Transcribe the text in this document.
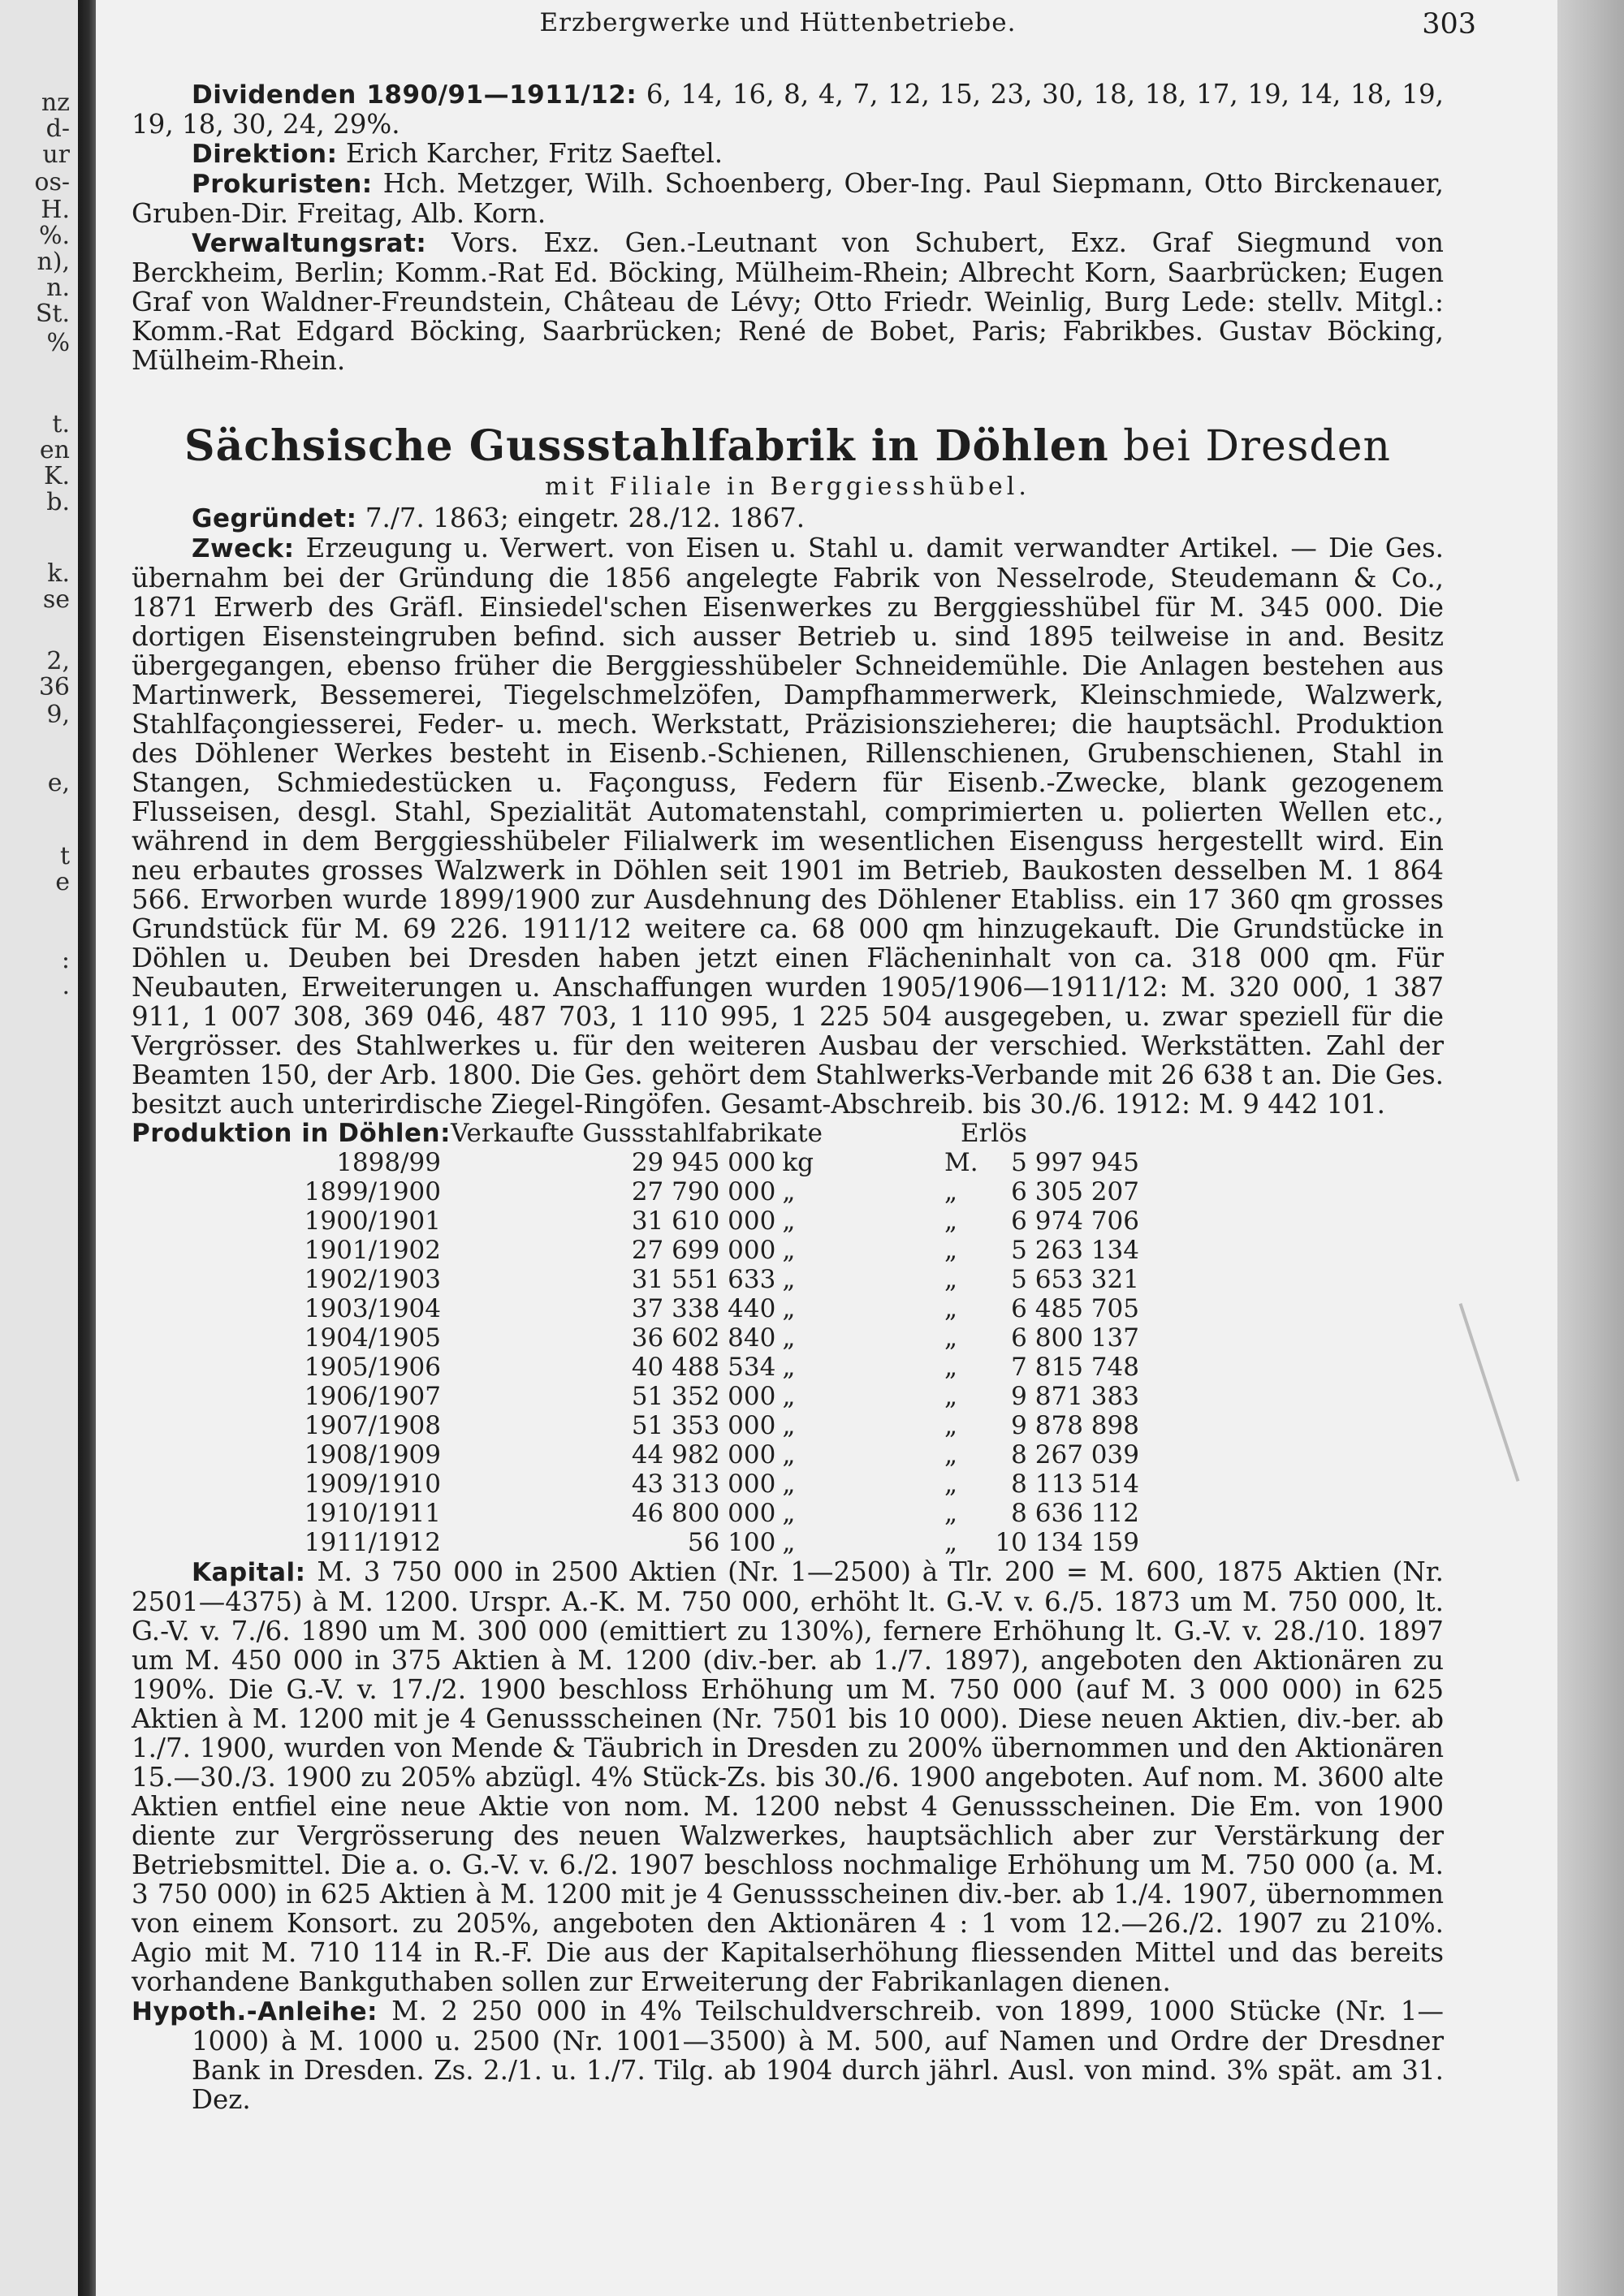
nz
d-
ur
os-
H.
%.
n),
n.
St.
%
t.
en
K.
b.
k.
se
2,
36
9,
e,
t
e
:
.
Erzbergwerke und Hüttenbetriebe.	303

Dividenden 1890/91—1911/12: 6, 14, 16, 8, 4, 7, 12, 15, 23, 30, 18, 18, 17, 19, 14, 18, 19, 19, 18, 30, 24, 29%.

Direktion: Erich Karcher, Fritz Saeftel.

Prokuristen: Hch. Metzger, Wilh. Schoenberg, Ober-Ing. Paul Siepmann, Otto Birckenauer, Gruben-Dir. Freitag, Alb. Korn.

Verwaltungsrat: Vors. Exz. Gen.-Leutnant von Schubert, Exz. Graf Siegmund von Berckheim, Berlin; Komm.-Rat Ed. Böcking, Mülheim-Rhein; Albrecht Korn, Saarbrücken; Eugen Graf von Waldner-Freundstein, Château de Lévy; Otto Friedr. Weinlig, Burg Lede: stellv. Mitgl.: Komm.-Rat Edgard Böcking, Saarbrücken; René de Bobet, Paris; Fabrikbes. Gustav Böcking, Mülheim-Rhein.

Sächsische Gussstahlfabrik in Döhlen bei Dresden
mit Filiale in Berggiesshübel.

Gegründet: 7./7. 1863; eingetr. 28./12. 1867.

Zweck: Erzeugung u. Verwert. von Eisen u. Stahl u. damit verwandter Artikel. — Die Ges. übernahm bei der Gründung die 1856 angelegte Fabrik von Nesselrode, Steudemann & Co., 1871 Erwerb des Gräfl. Einsiedel'schen Eisenwerkes zu Berggiesshübel für M. 345 000. Die dortigen Eisensteingruben befind. sich ausser Betrieb u. sind 1895 teilweise in and. Besitz übergegangen, ebenso früher die Berggiesshübeler Schneidemühle. Die Anlagen bestehen aus Martinwerk, Bessemerei, Tiegelschmelzöfen, Dampfhammerwerk, Kleinschmiede, Walzwerk, Stahlfaçongiesserei, Feder- u. mech. Werkstatt, Präzisionsziehereı; die hauptsächl. Produktion des Döhlener Werkes besteht in Eisenb.-Schienen, Rillenschienen, Grubenschienen, Stahl in Stangen, Schmiedestücken u. Façonguss, Federn für Eisenb.-Zwecke, blank gezogenem Flusseisen, desgl. Stahl, Spezialität Automatenstahl, comprimierten u. polierten Wellen etc., während in dem Berggiesshübeler Filialwerk im wesentlichen Eisenguss hergestellt wird. Ein neu erbautes grosses Walzwerk in Döhlen seit 1901 im Betrieb, Baukosten desselben M. 1 864 566. Erworben wurde 1899/1900 zur Ausdehnung des Döhlener Etabliss. ein 17 360 qm grosses Grundstück für M. 69 226. 1911/12 weitere ca. 68 000 qm hinzugekauft. Die Grundstücke in Döhlen u. Deuben bei Dresden haben jetzt einen Flächeninhalt von ca. 318 000 qm. Für Neubauten, Erweiterungen u. Anschaffungen wurden 1905/1906—1911/12: M. 320 000, 1 387 911, 1 007 308, 369 046, 487 703, 1 110 995, 1 225 504 ausgegeben, u. zwar speziell für die Vergrösser. des Stahlwerkes u. für den weiteren Ausbau der verschied. Werkstätten. Zahl der Beamten 150, der Arb. 1800. Die Ges. gehört dem Stahlwerks-Verbande mit 26 638 t an. Die Ges. besitzt auch unterirdische Ziegel-Ringöfen. Gesamt-Abschreib. bis 30./6. 1912: M. 9 442 101.

Produktion in Döhlen:	Verkaufte Gussstahlfabrikate			Erlös	
1898/99	29 945 000	kg		M.	5 997 945
1899/1900	27 790 000	„		„	6 305 207
1900/1901	31 610 000	„		„	6 974 706
1901/1902	27 699 000	„		„	5 263 134
1902/1903	31 551 633	„		„	5 653 321
1903/1904	37 338 440	„		„	6 485 705
1904/1905	36 602 840	„		„	6 800 137
1905/1906	40 488 534	„		„	7 815 748
1906/1907	51 352 000	„		„	9 871 383
1907/1908	51 353 000	„		„	9 878 898
1908/1909	44 982 000	„		„	8 267 039
1909/1910	43 313 000	„		„	8 113 514
1910/1911	46 800 000	„		„	8 636 112
1911/1912	56 100	„		„	10 134 159

Kapital: M. 3 750 000 in 2500 Aktien (Nr. 1—2500) à Tlr. 200 = M. 600, 1875 Aktien (Nr. 2501—4375) à M. 1200. Urspr. A.-K. M. 750 000, erhöht lt. G.-V. v. 6./5. 1873 um M. 750 000, lt. G.-V. v. 7./6. 1890 um M. 300 000 (emittiert zu 130%), fernere Erhöhung lt. G.-V. v. 28./10. 1897 um M. 450 000 in 375 Aktien à M. 1200 (div.-ber. ab 1./7. 1897), angeboten den Aktionären zu 190%. Die G.-V. v. 17./2. 1900 beschloss Erhöhung um M. 750 000 (auf M. 3 000 000) in 625 Aktien à M. 1200 mit je 4 Genussscheinen (Nr. 7501 bis 10 000). Diese neuen Aktien, div.-ber. ab 1./7. 1900, wurden von Mende & Täubrich in Dresden zu 200% übernommen und den Aktionären 15.—30./3. 1900 zu 205% abzügl. 4% Stück-Zs. bis 30./6. 1900 angeboten. Auf nom. M. 3600 alte Aktien entfiel eine neue Aktie von nom. M. 1200 nebst 4 Genussscheinen. Die Em. von 1900 diente zur Vergrösserung des neuen Walzwerkes, hauptsächlich aber zur Verstärkung der Betriebsmittel. Die a. o. G.-V. v. 6./2. 1907 beschloss nochmalige Erhöhung um M. 750 000 (a. M. 3 750 000) in 625 Aktien à M. 1200 mit je 4 Genussscheinen div.-ber. ab 1./4. 1907, übernommen von einem Konsort. zu 205%, angeboten den Aktionären 4 : 1 vom 12.—26./2. 1907 zu 210%. Agio mit M. 710 114 in R.-F. Die aus der Kapitalserhöhung fliessenden Mittel und das bereits vorhandene Bankguthaben sollen zur Erweiterung der Fabrikanlagen dienen.

Hypoth.-Anleihe: M. 2 250 000 in 4% Teilschuldverschreib. von 1899, 1000 Stücke (Nr. 1—1000) à M. 1000 u. 2500 (Nr. 1001—3500) à M. 500, auf Namen und Ordre der Dresdner Bank in Dresden. Zs. 2./1. u. 1./7. Tilg. ab 1904 durch jährl. Ausl. von mind. 3% spät. am 31. Dez.
